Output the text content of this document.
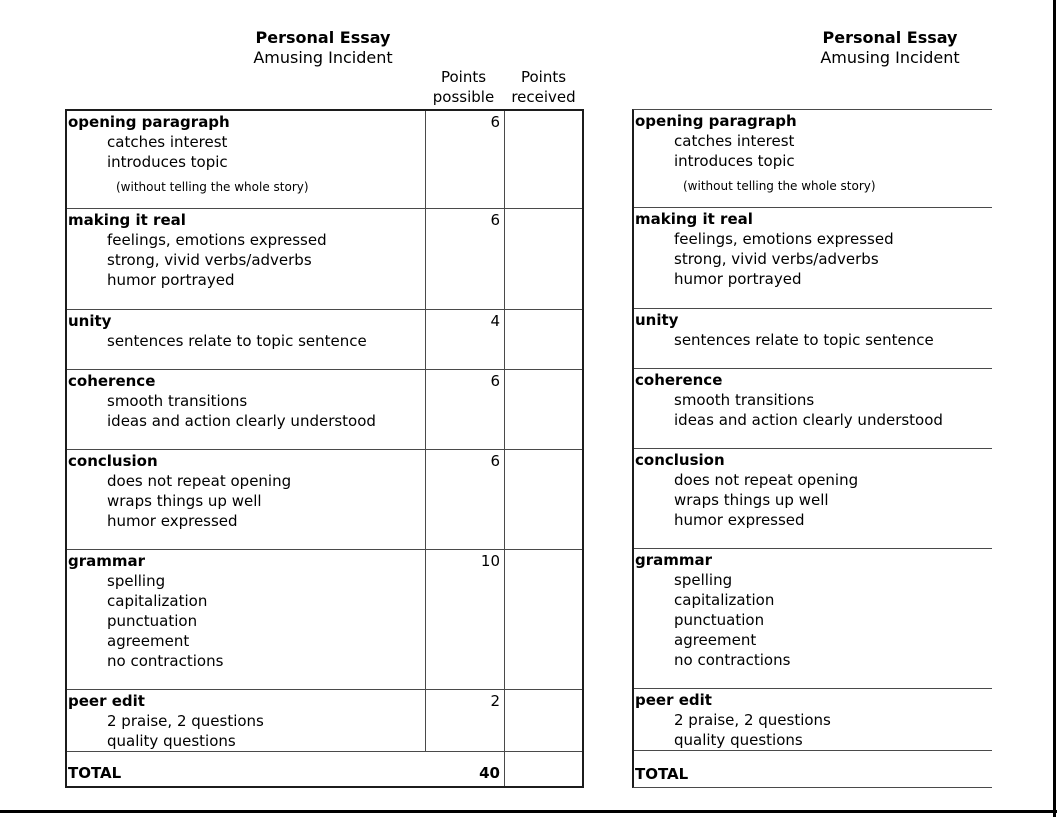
Personal Essay
Amusing Incident
Personal Essay
Amusing Incident
Points
possible
Points
received
opening paragraph
catches interest
introduces topic
(without telling the whole story)
6
making it real
feelings, emotions expressed
strong, vivid verbs/adverbs
humor portrayed
6
unity
sentences relate to topic sentence
4
coherence
smooth transitions
ideas and action clearly understood
6
conclusion
does not repeat opening
wraps things up well
humor expressed
6
grammar
spelling
capitalization
punctuation
agreement
no contractions
10
peer edit
2 praise, 2 questions
quality questions
2
TOTAL	40
opening paragraph
catches interest
introduces topic
(without telling the whole story)
making it real
feelings, emotions expressed
strong, vivid verbs/adverbs
humor portrayed
unity
sentences relate to topic sentence
coherence
smooth transitions
ideas and action clearly understood
conclusion
does not repeat opening
wraps things up well
humor expressed
grammar
spelling
capitalization
punctuation
agreement
no contractions
peer edit
2 praise, 2 questions
quality questions
TOTAL
